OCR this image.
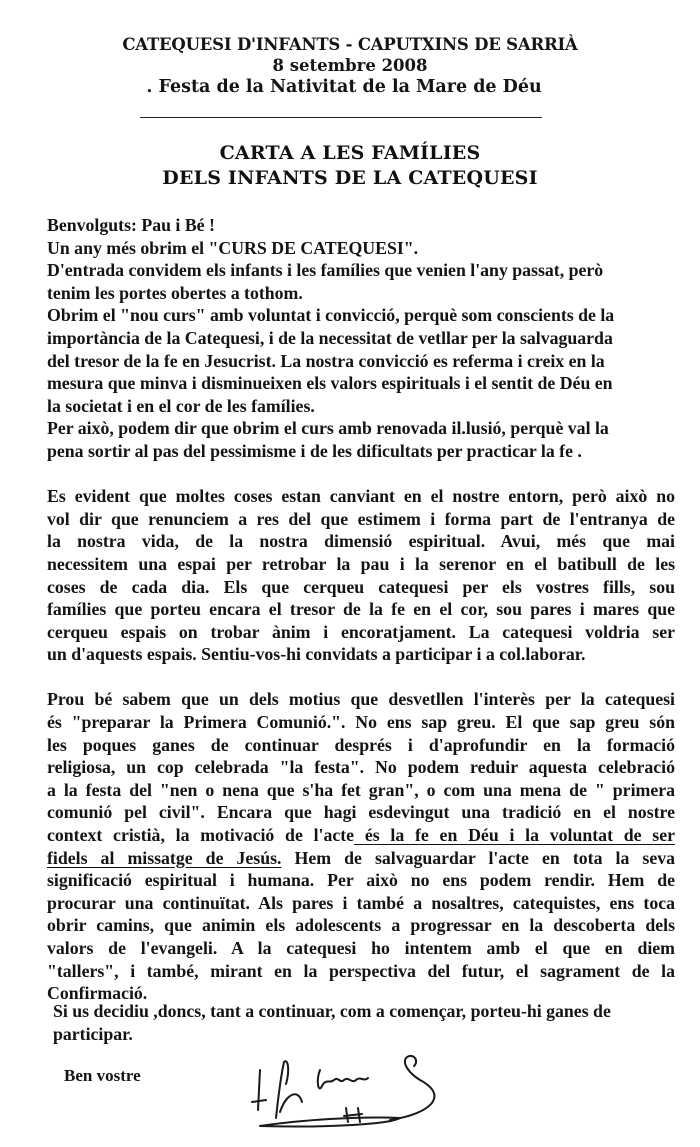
CATEQUESI D'INFANTS - CAPUTXINS DE SARRIÀ
8 setembre 2008
. Festa de la Nativitat de la Mare de Déu
CARTA A LES FAMÍLIES
DELS INFANTS DE LA CATEQUESI
Benvolguts: Pau i Bé !
Un any més obrim el "CURS DE CATEQUESI".
D'entrada convidem els infants i les famílies que venien l'any passat, però
tenim les portes obertes a tothom.
Obrim el "nou curs" amb voluntat i convicció, perquè som conscients de la
importància de la Catequesi, i de la necessitat de vetllar per la salvaguarda
del tresor de la fe en Jesucrist. La nostra convicció es referma i creix en la
mesura que minva i disminueixen els valors espirituals i el sentit de Déu en
la societat i en el cor de les famílies.
Per això, podem dir que obrim el curs amb renovada il.lusió, perquè val la
pena sortir al pas del pessimisme i de les dificultats per practicar la fe .
Es evident que moltes coses estan canviant en el nostre entorn, però això no
vol dir que renunciem a res del que estimem i forma part de l'entranya de
la nostra vida, de la nostra dimensió espiritual. Avui, més que mai
necessitem una espai per retrobar la pau i la serenor en el batibull de les
coses de cada dia. Els que cerqueu catequesi per els vostres fills, sou
famílies que porteu encara el tresor de la fe en el cor, sou pares i mares que
cerqueu espais on trobar ànim i encoratjament. La catequesi voldria ser
un d'aquests espais. Sentiu-vos-hi convidats a participar i a col.laborar.
Prou bé sabem que un dels motius que desvetllen l'interès per la catequesi
és "preparar la Primera Comunió.". No ens sap greu. El que sap greu són
les poques ganes de continuar després i d'aprofundir en la formació
religiosa, un cop celebrada "la festa". No podem reduir aquesta celebració
a la festa del "nen o nena que s'ha fet gran", o com una mena de " primera
comunió pel civil". Encara que hagi esdevingut una tradició en el nostre
context cristià, la motivació de l'acte és la fe en Déu i la voluntat de ser
fidels al missatge de Jesús. Hem de salvaguardar l'acte en tota la seva
significació espiritual i humana. Per això no ens podem rendir. Hem de
procurar una continuïtat. Als pares i també a nosaltres, catequistes, ens toca
obrir camins, que animin els adolescents a progressar en la descoberta dels
valors de l'evangeli. A la catequesi ho intentem amb el que en diem
"tallers", i també, mirant en la perspectiva del futur, el sagrament de la
Confirmació.
Si us decidiu ,doncs, tant a continuar, com a començar, porteu-hi ganes de
participar.
Ben vostre
